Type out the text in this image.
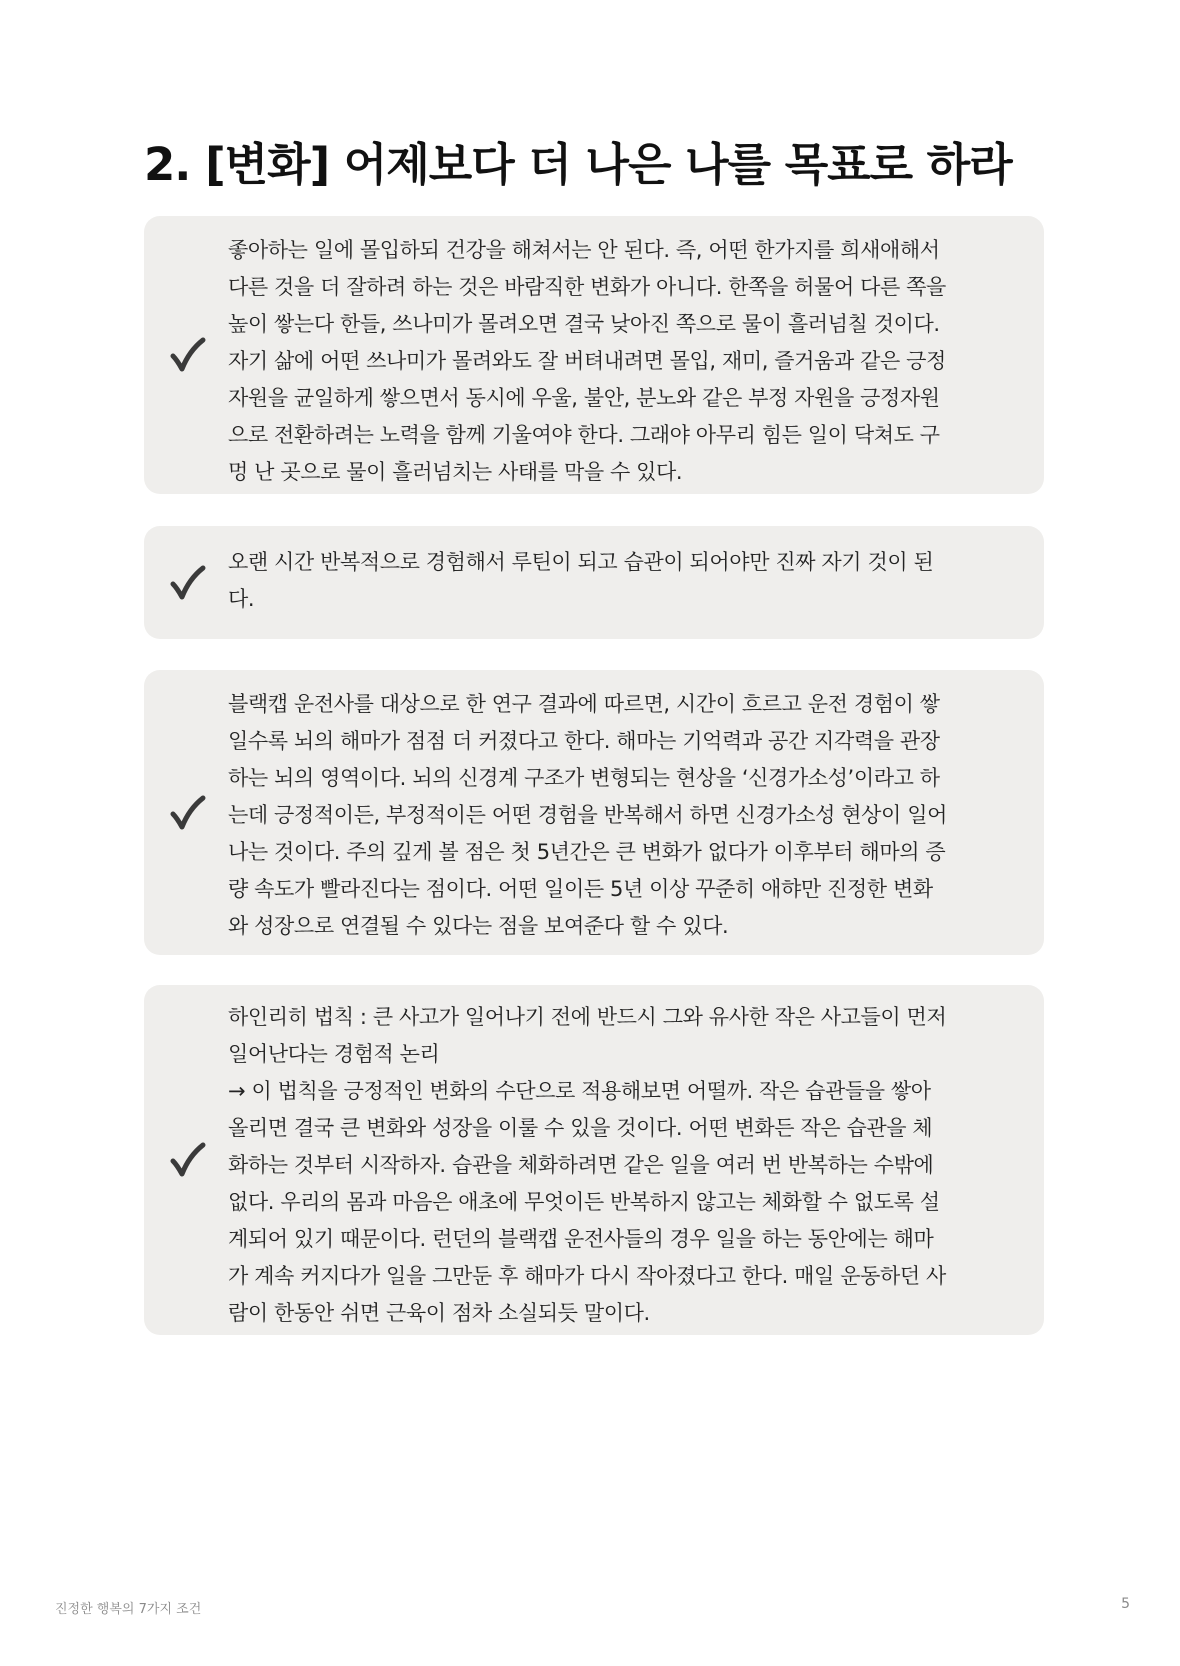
2. [변화] 어제보다 더 나은 나를 목표로 하라

좋아하는 일에 몰입하되 건강을 해쳐서는 안 된다. 즉, 어떤 한가지를 희새애해서
다른 것을 더 잘하려 하는 것은 바람직한 변화가 아니다. 한쪽을 허물어 다른 쪽을
높이 쌓는다 한들, 쓰나미가 몰려오면 결국 낮아진 쪽으로 물이 흘러넘칠 것이다.
자기 삶에 어떤 쓰나미가 몰려와도 잘 버텨내려면 몰입, 재미, 즐거움과 같은 긍정
자원을 균일하게 쌓으면서 동시에 우울, 불안, 분노와 같은 부정 자원을 긍정자원
으로 전환하려는 노력을 함께 기울여야 한다. 그래야 아무리 힘든 일이 닥쳐도 구
멍 난 곳으로 물이 흘러넘치는 사태를 막을 수 있다.

오랜 시간 반복적으로 경험해서 루틴이 되고 습관이 되어야만 진짜 자기 것이 된
다.

블랙캡 운전사를 대상으로 한 연구 결과에 따르면, 시간이 흐르고 운전 경험이 쌓
일수록 뇌의 해마가 점점 더 커졌다고 한다. 해마는 기억력과 공간 지각력을 관장
하는 뇌의 영역이다. 뇌의 신경계 구조가 변형되는 현상을 ‘신경가소성’이라고 하
는데 긍정적이든, 부정적이든 어떤 경험을 반복해서 하면 신경가소성 현상이 일어
나는 것이다. 주의 깊게 볼 점은 첫 5년간은 큰 변화가 없다가 이후부터 해마의 증
량 속도가 빨라진다는 점이다. 어떤 일이든 5년 이상 꾸준히 애햐만 진정한 변화
와 성장으로 연결될 수 있다는 점을 보여준다 할 수 있다.

하인리히 법칙 : 큰 사고가 일어나기 전에 반드시 그와 유사한 작은 사고들이 먼저
일어난다는 경험적 논리
→ 이 법칙을 긍정적인 변화의 수단으로 적용해보면 어떨까. 작은 습관들을 쌓아
올리면 결국 큰 변화와 성장을 이룰 수 있을 것이다. 어떤 변화든 작은 습관을 체
화하는 것부터 시작하자. 습관을 체화하려면 같은 일을 여러 번 반복하는 수밖에
없다. 우리의 몸과 마음은 애초에 무엇이든 반복하지 않고는 체화할 수 없도록 설
계되어 있기 때문이다. 런던의 블랙캡 운전사들의 경우 일을 하는 동안에는 해마
가 계속 커지다가 일을 그만둔 후 해마가 다시 작아졌다고 한다. 매일 운동하던 사
람이 한동안 쉬면 근육이 점차 소실되듯 말이다.

진정한 행복의 7가지 조건	5
